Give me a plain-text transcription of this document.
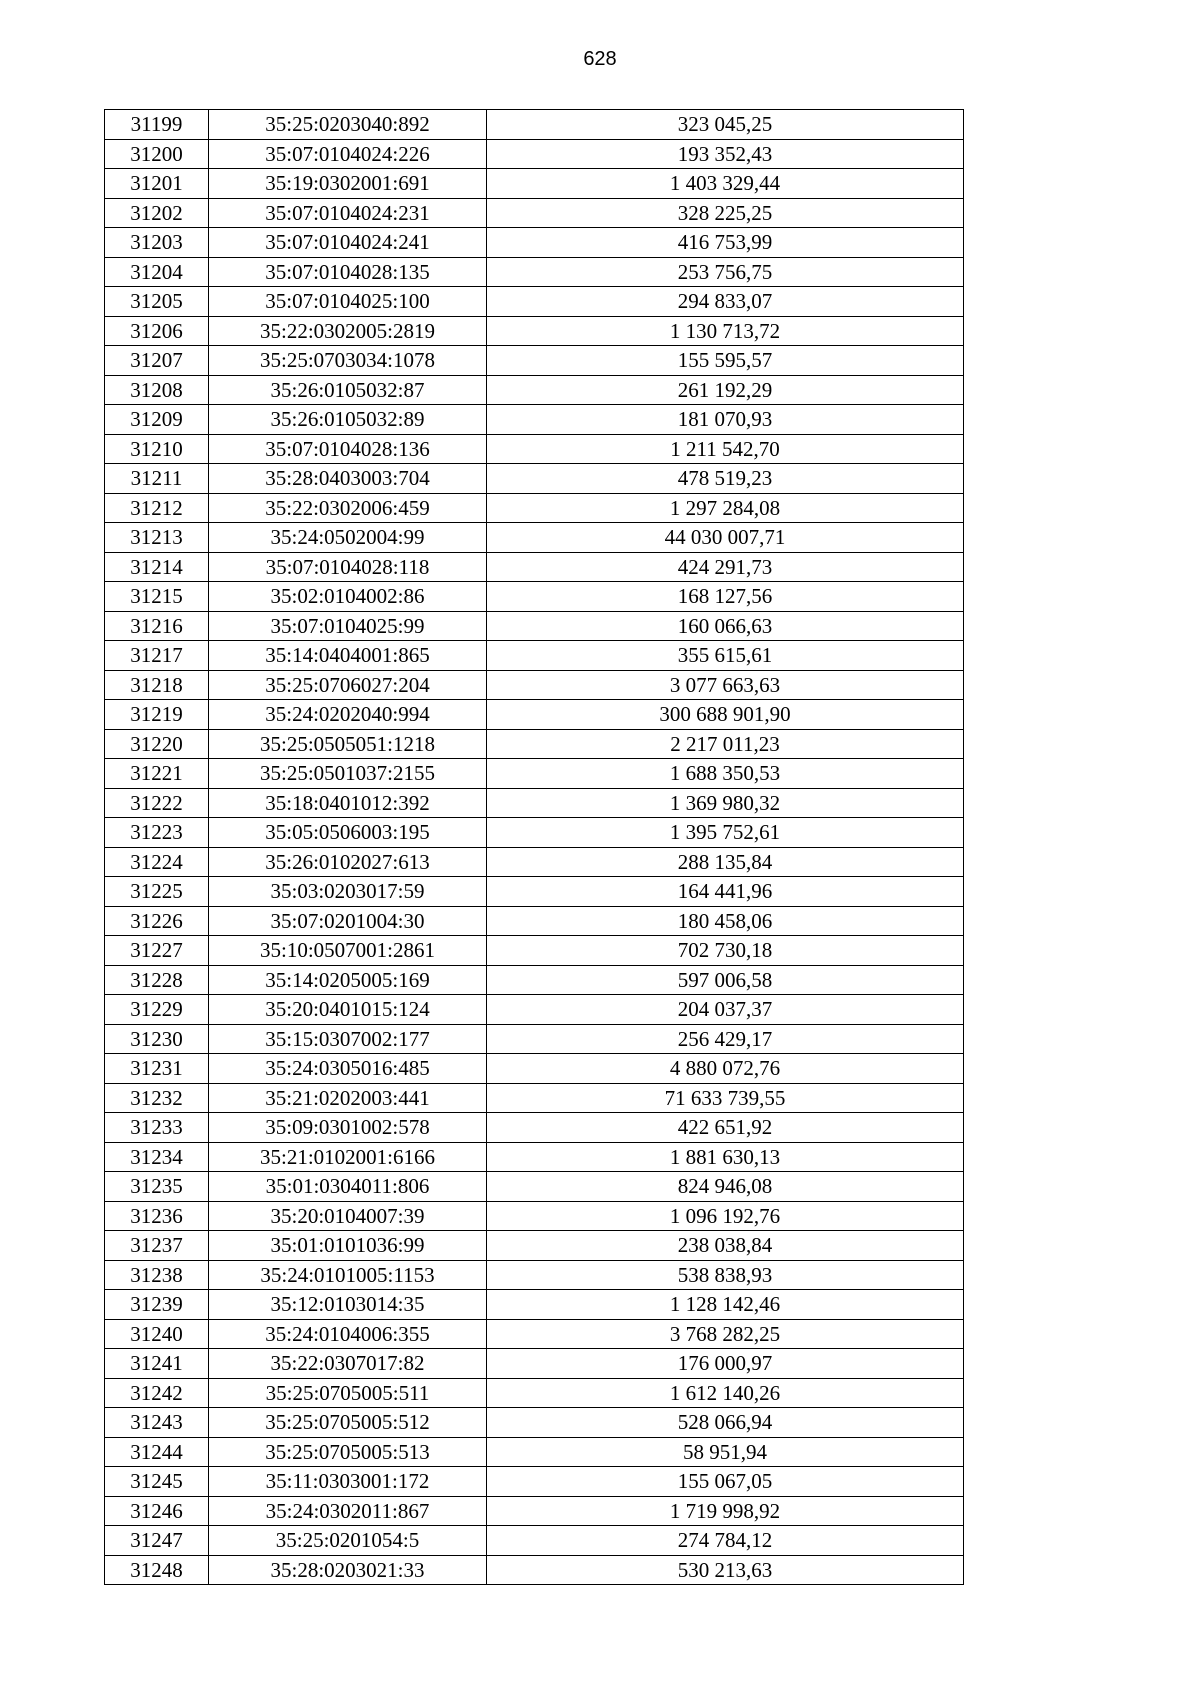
628
31199	35:25:0203040:892	323 045,25
31200	35:07:0104024:226	193 352,43
31201	35:19:0302001:691	1 403 329,44
31202	35:07:0104024:231	328 225,25
31203	35:07:0104024:241	416 753,99
31204	35:07:0104028:135	253 756,75
31205	35:07:0104025:100	294 833,07
31206	35:22:0302005:2819	1 130 713,72
31207	35:25:0703034:1078	155 595,57
31208	35:26:0105032:87	261 192,29
31209	35:26:0105032:89	181 070,93
31210	35:07:0104028:136	1 211 542,70
31211	35:28:0403003:704	478 519,23
31212	35:22:0302006:459	1 297 284,08
31213	35:24:0502004:99	44 030 007,71
31214	35:07:0104028:118	424 291,73
31215	35:02:0104002:86	168 127,56
31216	35:07:0104025:99	160 066,63
31217	35:14:0404001:865	355 615,61
31218	35:25:0706027:204	3 077 663,63
31219	35:24:0202040:994	300 688 901,90
31220	35:25:0505051:1218	2 217 011,23
31221	35:25:0501037:2155	1 688 350,53
31222	35:18:0401012:392	1 369 980,32
31223	35:05:0506003:195	1 395 752,61
31224	35:26:0102027:613	288 135,84
31225	35:03:0203017:59	164 441,96
31226	35:07:0201004:30	180 458,06
31227	35:10:0507001:2861	702 730,18
31228	35:14:0205005:169	597 006,58
31229	35:20:0401015:124	204 037,37
31230	35:15:0307002:177	256 429,17
31231	35:24:0305016:485	4 880 072,76
31232	35:21:0202003:441	71 633 739,55
31233	35:09:0301002:578	422 651,92
31234	35:21:0102001:6166	1 881 630,13
31235	35:01:0304011:806	824 946,08
31236	35:20:0104007:39	1 096 192,76
31237	35:01:0101036:99	238 038,84
31238	35:24:0101005:1153	538 838,93
31239	35:12:0103014:35	1 128 142,46
31240	35:24:0104006:355	3 768 282,25
31241	35:22:0307017:82	176 000,97
31242	35:25:0705005:511	1 612 140,26
31243	35:25:0705005:512	528 066,94
31244	35:25:0705005:513	58 951,94
31245	35:11:0303001:172	155 067,05
31246	35:24:0302011:867	1 719 998,92
31247	35:25:0201054:5	274 784,12
31248	35:28:0203021:33	530 213,63
